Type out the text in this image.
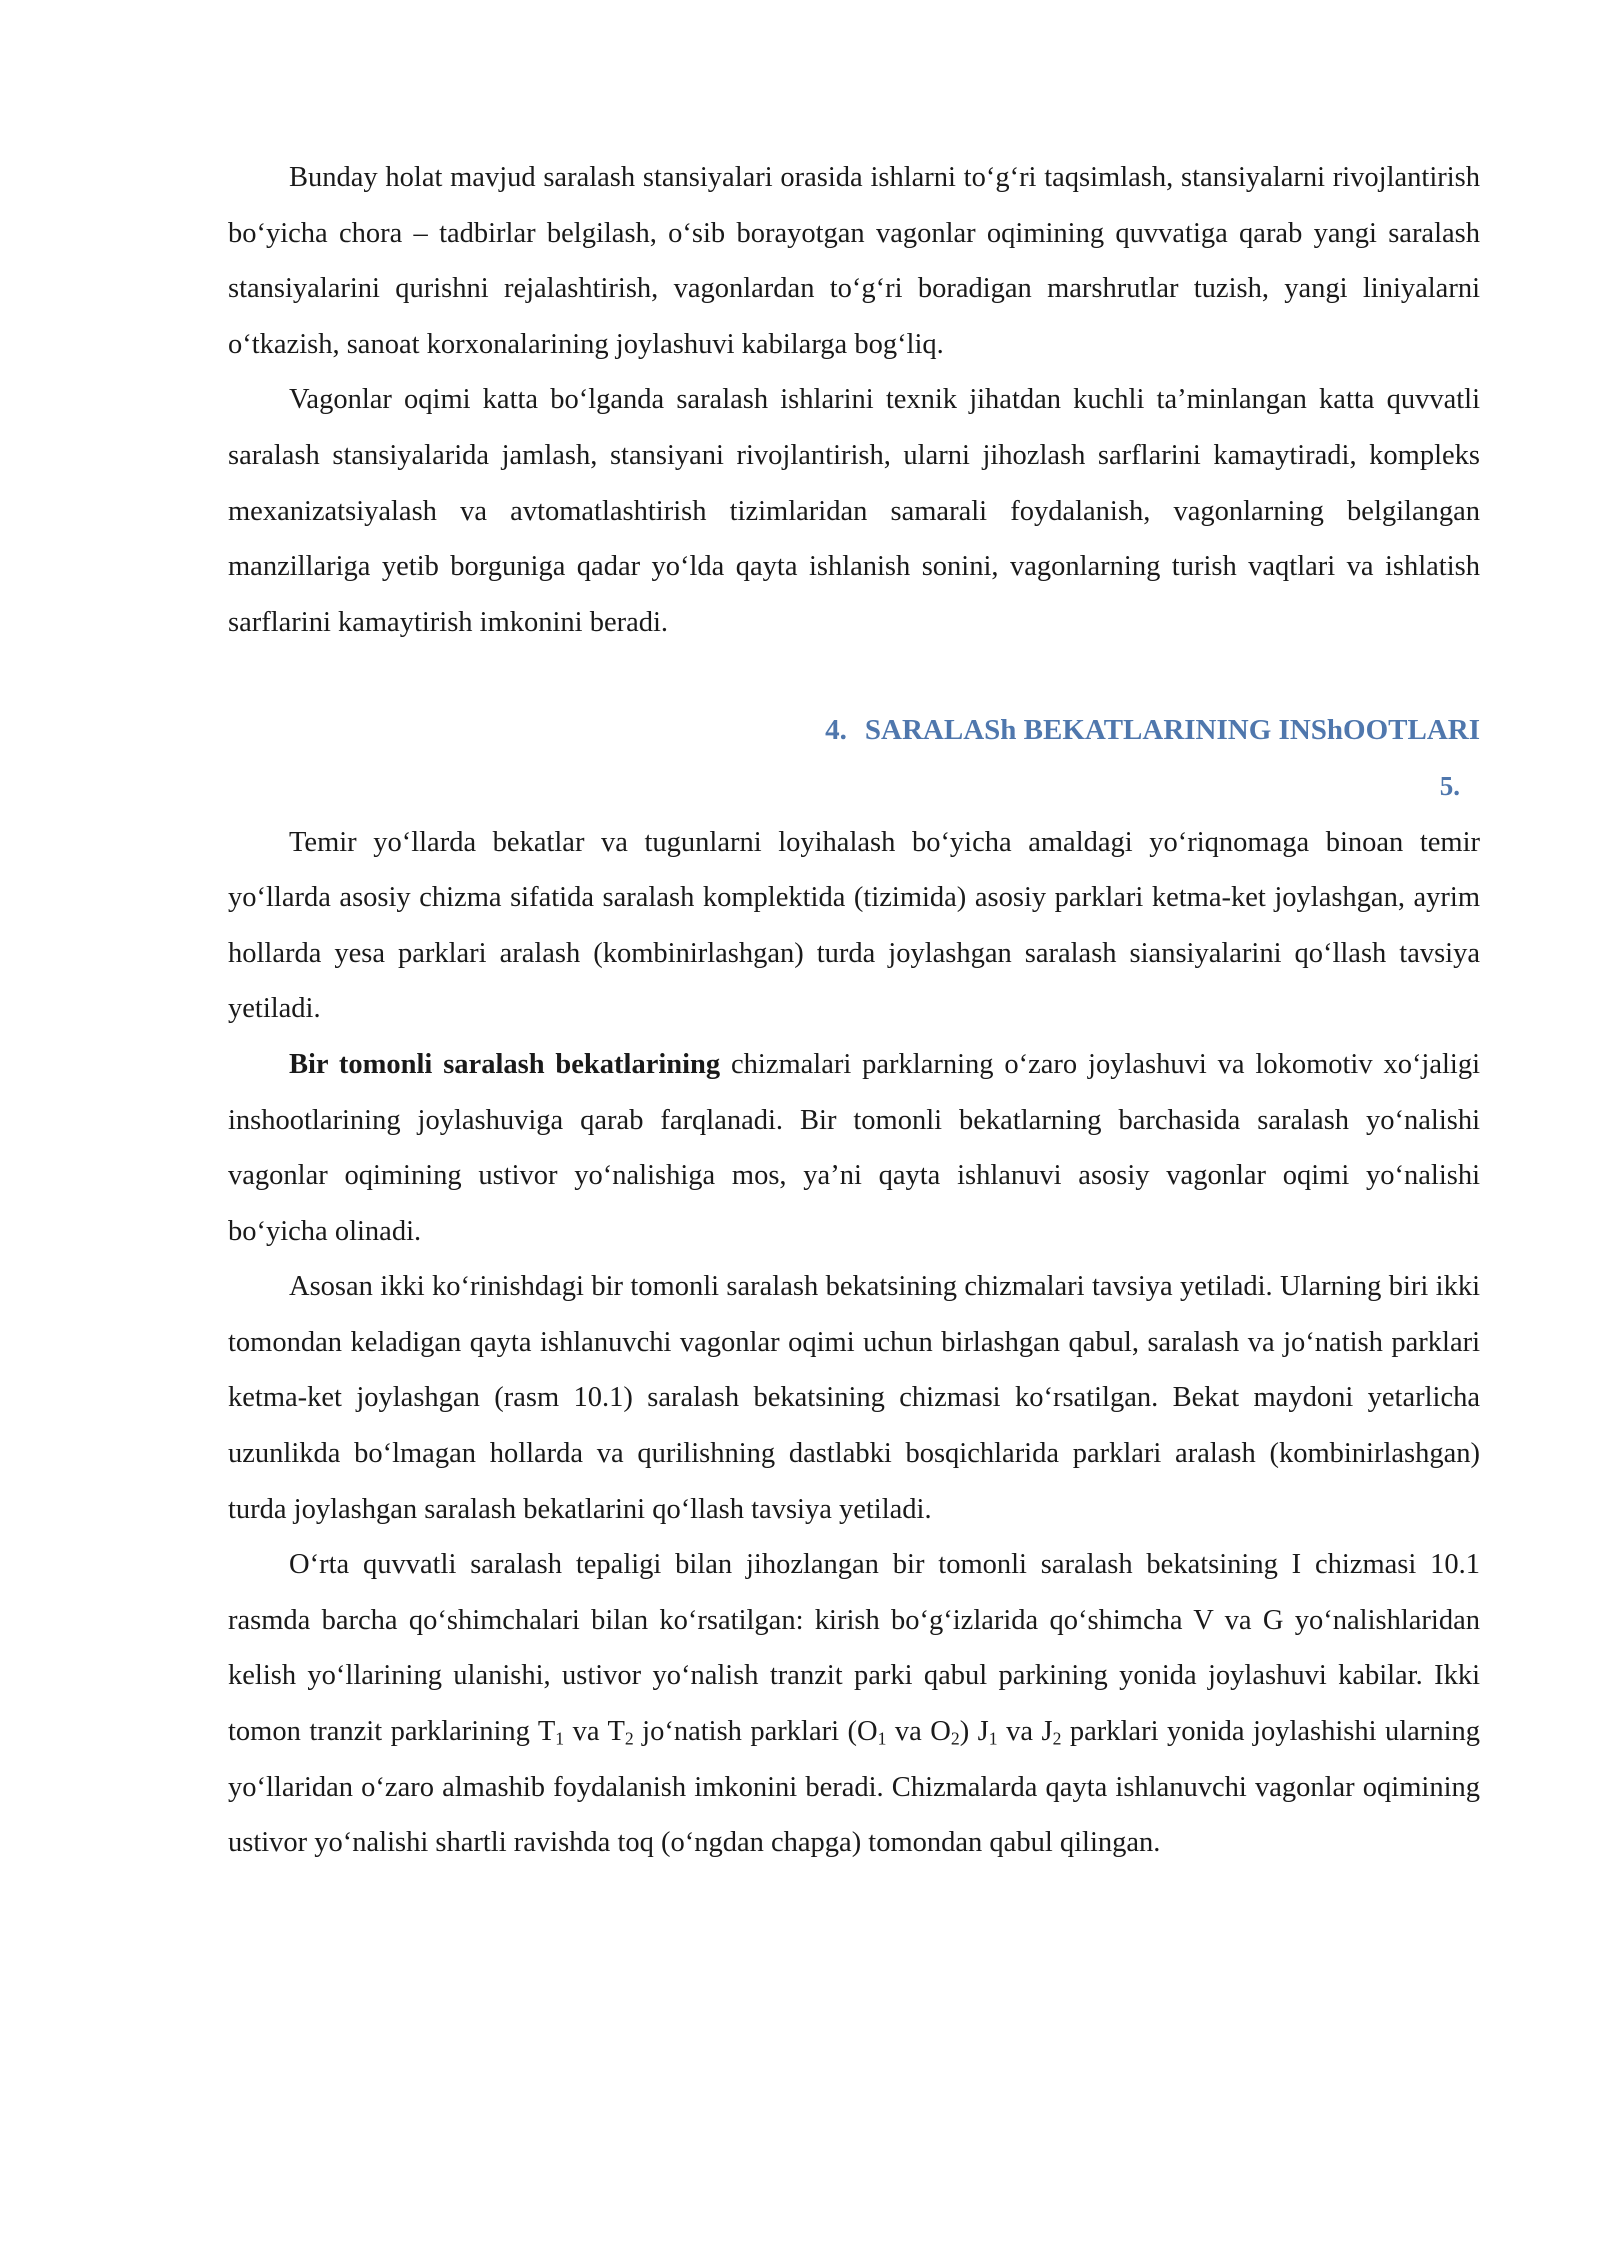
Bunday holat mavjud saralash stansiyalari orasida ishlarni to‘g‘ri taqsimlash, stansiyalarni rivojlantirish bo‘yicha chora – tadbirlar belgilash, o‘sib borayotgan vagonlar oqimining quvvatiga qarab yangi saralash stansiyalarini qurishni rejalashtirish, vagonlardan to‘g‘ri boradigan marshrutlar tuzish, yangi liniyalarni o‘tkazish, sanoat korxonalarining joylashuvi kabilarga bog‘liq.

Vagonlar oqimi katta bo‘lganda saralash ishlarini texnik jihatdan kuchli ta’minlangan katta quvvatli saralash stansiyalarida jamlash, stansiyani rivojlantirish, ularni jihozlash sarflarini kamaytiradi, kompleks mexanizatsiyalash va avtomatlashtirish tizimlaridan samarali foydalanish, vagonlarning belgilangan manzillariga yetib borguniga qadar yo‘lda qayta ishlanish sonini, vagonlarning turish vaqtlari va ishlatish sarflarini kamaytirish imkonini beradi.

4. SARALASh BEKATLARINING INShOOTLARI

5.

Temir yo‘llarda bekatlar va tugunlarni loyihalash bo‘yicha amaldagi yo‘riqnomaga binoan temir yo‘llarda asosiy chizma sifatida saralash komplektida (tizimida) asosiy parklari ketma-ket joylashgan, ayrim hollarda yesa parklari aralash (kombinirlashgan) turda joylashgan saralash siansiyalarini qo‘llash tavsiya yetiladi.

Bir tomonli saralash bekatlarining chizmalari parklarning o‘zaro joylashuvi va lokomotiv xo‘jaligi inshootlarining joylashuviga qarab farqlanadi. Bir tomonli bekatlarning barchasida saralash yo‘nalishi vagonlar oqimining ustivor yo‘nalishiga mos, ya’ni qayta ishlanuvi asosiy vagonlar oqimi yo‘nalishi bo‘yicha olinadi.

Asosan ikki ko‘rinishdagi bir tomonli saralash bekatsining chizmalari tavsiya yetiladi. Ularning biri ikki tomondan keladigan qayta ishlanuvchi vagonlar oqimi uchun birlashgan qabul, saralash va jo‘natish parklari ketma-ket joylashgan (rasm 10.1) saralash bekatsining chizmasi ko‘rsatilgan. Bekat maydoni yetarlicha uzunlikda bo‘lmagan hollarda va qurilishning dastlabki bosqichlarida parklari aralash (kombinirlashgan) turda joylashgan saralash bekatlarini qo‘llash tavsiya yetiladi.

O‘rta quvvatli saralash tepaligi bilan jihozlangan bir tomonli saralash bekatsining I chizmasi 10.1 rasmda barcha qo‘shimchalari bilan ko‘rsatilgan: kirish bo‘g‘izlarida qo‘shimcha V va G yo‘nalishlaridan kelish yo‘llarining ulanishi, ustivor yo‘nalish tranzit parki qabul parkining yonida joylashuvi kabilar. Ikki tomon tranzit parklarining $T_1$ va $T_2$ jo‘natish parklari ($O_1$ va $O_2$) $J_1$ va $J_2$ parklari yonida joylashishi ularning yo‘llaridan o‘zaro almashib foydalanish imkonini beradi. Chizmalarda qayta ishlanuvchi vagonlar oqimining ustivor yo‘nalishi shartli ravishda toq (o‘ngdan chapga) tomondan qabul qilingan.
